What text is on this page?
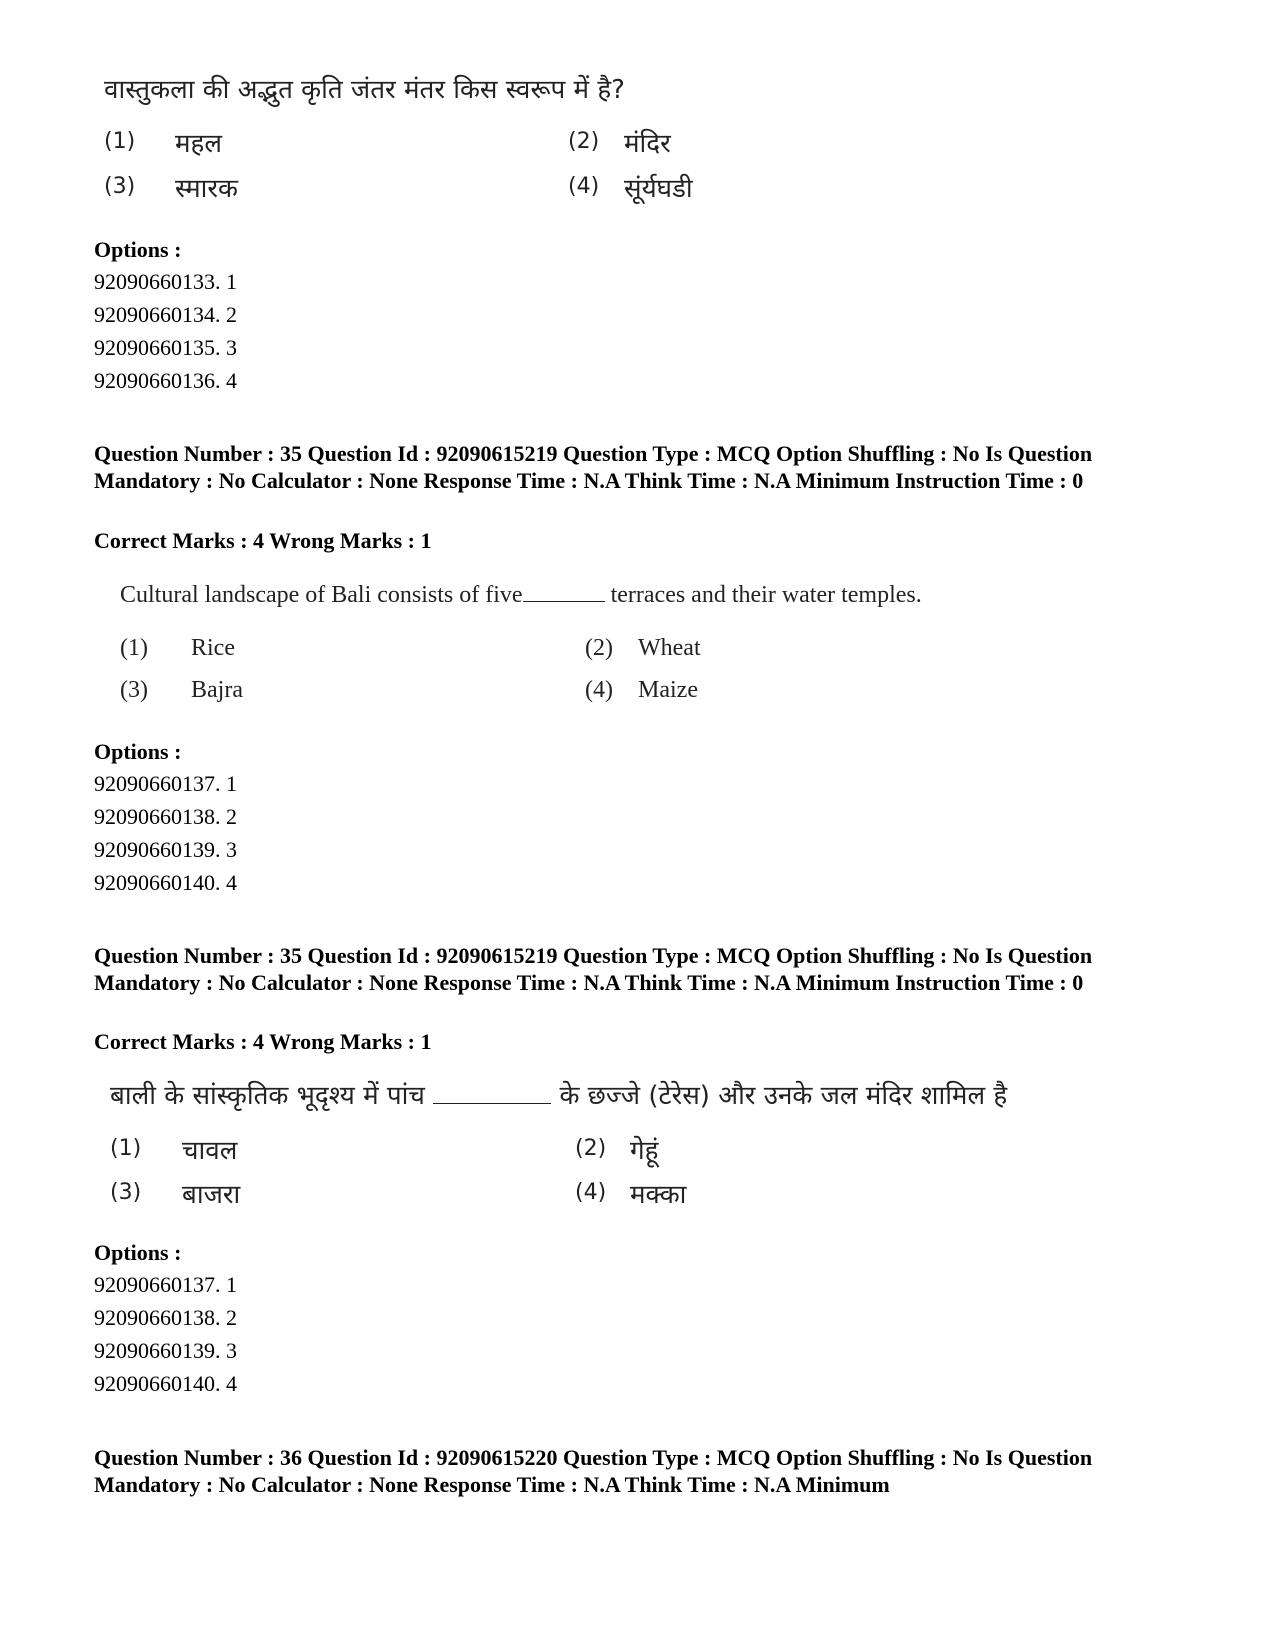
वास्तुकला की अद्भुत कृति जंतर मंतर किस स्वरूप में है?
(1) महल	(2) मंदिर
(3) स्मारक	(4) सूंर्यघडी
Options :
92090660133. 1
92090660134. 2
92090660135. 3
92090660136. 4
Question Number : 35 Question Id : 92090615219 Question Type : MCQ Option Shuffling : No Is Question Mandatory : No Calculator : None Response Time : N.A Think Time : N.A Minimum Instruction Time : 0
Correct Marks : 4 Wrong Marks : 1
Cultural landscape of Bali consists of five	terraces and their water temples.
(1) Rice	(2) Wheat
(3) Bajra	(4) Maize
Options :
92090660137. 1
92090660138. 2
92090660139. 3
92090660140. 4
Question Number : 35 Question Id : 92090615219 Question Type : MCQ Option Shuffling : No Is Question Mandatory : No Calculator : None Response Time : N.A Think Time : N.A Minimum Instruction Time : 0
Correct Marks : 4 Wrong Marks : 1
बाली के सांस्कृतिक भूदृश्य में पांच	के छज्जे (टेरेस) और उनके जल मंदिर शामिल है
(1) चावल	(2) गेहूं
(3) बाजरा	(4) मक्का
Options :
92090660137. 1
92090660138. 2
92090660139. 3
92090660140. 4
Question Number : 36 Question Id : 92090615220 Question Type : MCQ Option Shuffling : No Is Question Mandatory : No Calculator : None Response Time : N.A Think Time : N.A Minimum
